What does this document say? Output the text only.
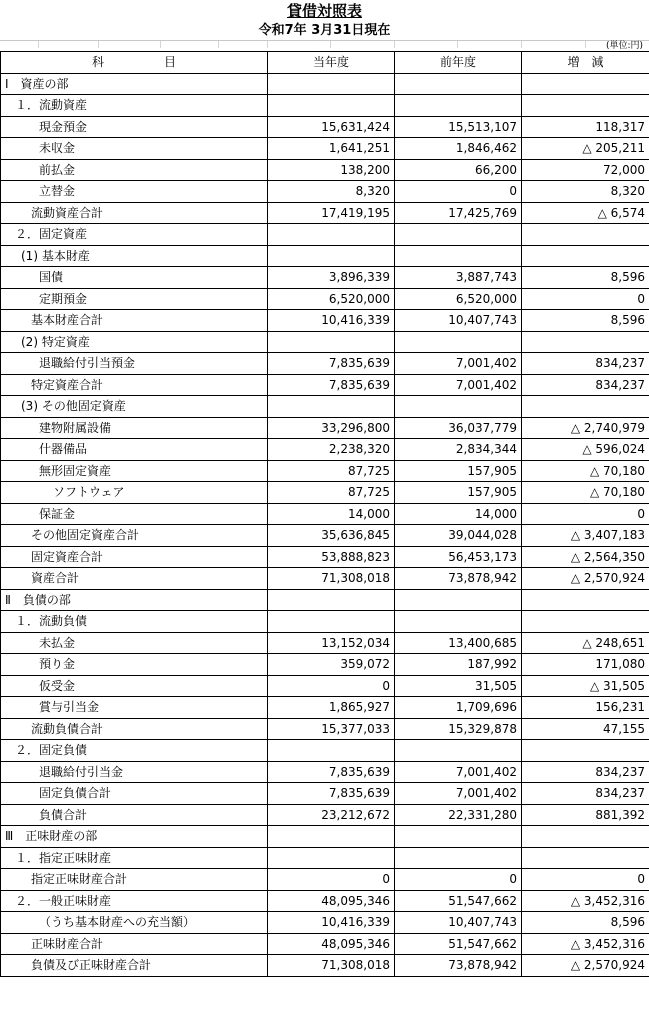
貸借対照表
令和7年 3月31日現在
(単位:円)
科　　　　　目	当年度	前年度	増　減
Ⅰ　資産の部			
１．流動資産			
現金預金	15,631,424	15,513,107	118,317
未収金	1,641,251	1,846,462	△ 205,211
前払金	138,200	66,200	72,000
立替金	8,320	0	8,320
流動資産合計	17,419,195	17,425,769	△ 6,574
２．固定資産			
(1) 基本財産			
国債	3,896,339	3,887,743	8,596
定期預金	6,520,000	6,520,000	0
基本財産合計	10,416,339	10,407,743	8,596
(2) 特定資産			
退職給付引当預金	7,835,639	7,001,402	834,237
特定資産合計	7,835,639	7,001,402	834,237
(3) その他固定資産			
建物附属設備	33,296,800	36,037,779	△ 2,740,979
什器備品	2,238,320	2,834,344	△ 596,024
無形固定資産	87,725	157,905	△ 70,180
ソフトウェア	87,725	157,905	△ 70,180
保証金	14,000	14,000	0
その他固定資産合計	35,636,845	39,044,028	△ 3,407,183
固定資産合計	53,888,823	56,453,173	△ 2,564,350
資産合計	71,308,018	73,878,942	△ 2,570,924
Ⅱ　負債の部			
１．流動負債			
未払金	13,152,034	13,400,685	△ 248,651
預り金	359,072	187,992	171,080
仮受金	0	31,505	△ 31,505
賞与引当金	1,865,927	1,709,696	156,231
流動負債合計	15,377,033	15,329,878	47,155
２．固定負債			
退職給付引当金	7,835,639	7,001,402	834,237
固定負債合計	7,835,639	7,001,402	834,237
負債合計	23,212,672	22,331,280	881,392
Ⅲ　正味財産の部			
１．指定正味財産			
指定正味財産合計	0	0	0
２．一般正味財産	48,095,346	51,547,662	△ 3,452,316
（うち基本財産への充当額）	10,416,339	10,407,743	8,596
正味財産合計	48,095,346	51,547,662	△ 3,452,316
負債及び正味財産合計	71,308,018	73,878,942	△ 2,570,924
